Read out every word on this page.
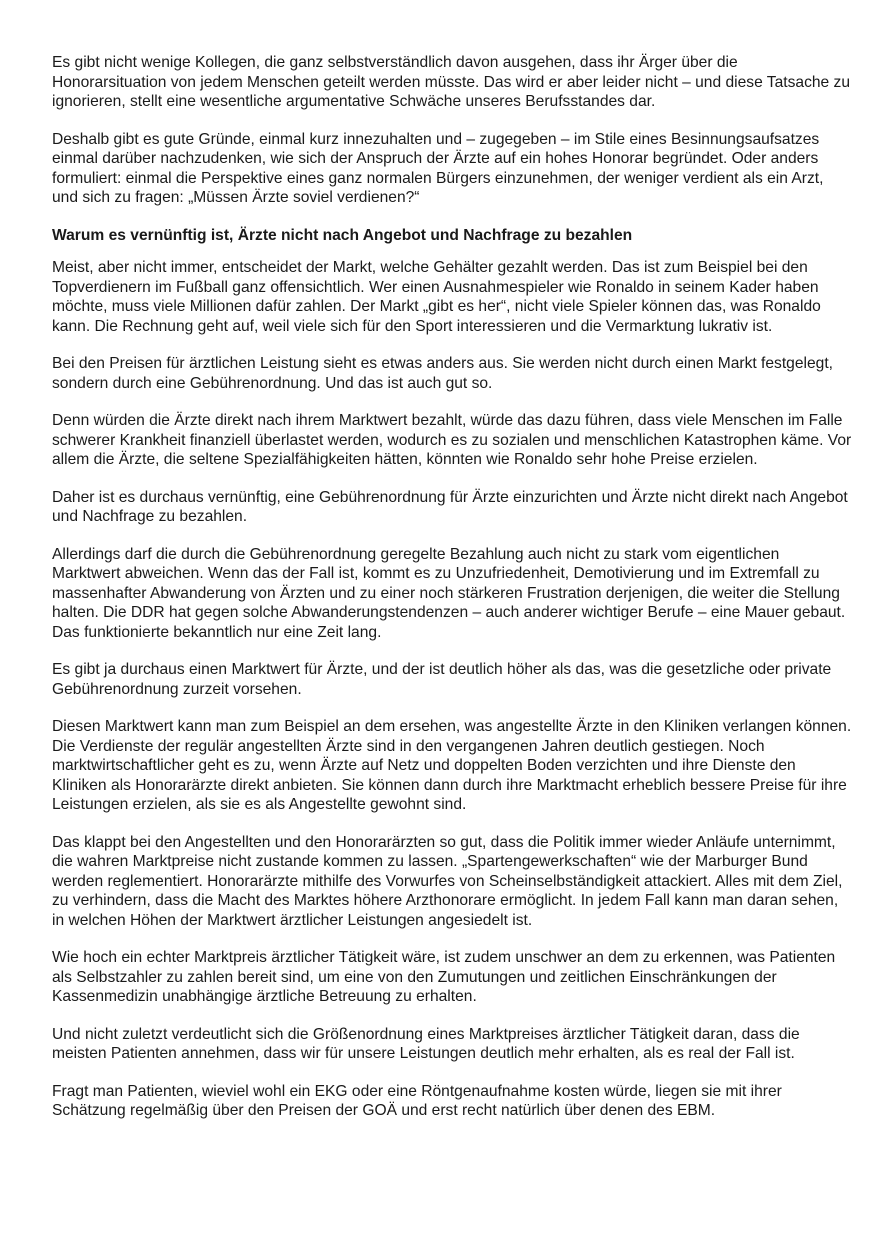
Es gibt nicht wenige Kollegen, die ganz selbstverständlich davon ausgehen, dass ihr Ärger über die Honorarsituation von jedem Menschen geteilt werden müsste. Das wird er aber leider nicht – und diese Tatsache zu ignorieren, stellt eine wesentliche argumentative Schwäche unseres Berufsstandes dar.

Deshalb gibt es gute Gründe, einmal kurz innezuhalten und – zugegeben – im Stile eines Besinnungsaufsatzes einmal darüber nachzudenken, wie sich der Anspruch der Ärzte auf ein hohes Honorar begründet. Oder anders formuliert: einmal die Perspektive eines ganz normalen Bürgers einzunehmen, der weniger verdient als ein Arzt, und sich zu fragen: „Müssen Ärzte soviel verdienen?“

Warum es vernünftig ist, Ärzte nicht nach Angebot und Nachfrage zu bezahlen

Meist, aber nicht immer, entscheidet der Markt, welche Gehälter gezahlt werden. Das ist zum Beispiel bei den Topverdienern im Fußball ganz offensichtlich. Wer einen Ausnahmespieler wie Ronaldo in seinem Kader haben möchte, muss viele Millionen dafür zahlen. Der Markt „gibt es her“, nicht viele Spieler können das, was Ronaldo kann. Die Rechnung geht auf, weil viele sich für den Sport interessieren und die Vermarktung lukrativ ist.

Bei den Preisen für ärztlichen Leistung sieht es etwas anders aus. Sie werden nicht durch einen Markt festgelegt, sondern durch eine Gebührenordnung. Und das ist auch gut so.

Denn würden die Ärzte direkt nach ihrem Marktwert bezahlt, würde das dazu führen, dass viele Menschen im Falle schwerer Krankheit finanziell überlastet werden, wodurch es zu sozialen und menschlichen Katastrophen käme. Vor allem die Ärzte, die seltene Spezialfähigkeiten hätten, könnten wie Ronaldo sehr hohe Preise erzielen.

Daher ist es durchaus vernünftig, eine Gebührenordnung für Ärzte einzurichten und Ärzte nicht direkt nach Angebot und Nachfrage zu bezahlen.

Allerdings darf die durch die Gebührenordnung geregelte Bezahlung auch nicht zu stark vom eigentlichen Marktwert abweichen. Wenn das der Fall ist, kommt es zu Unzufriedenheit, Demotivierung und im Extremfall zu massenhafter Abwanderung von Ärzten und zu einer noch stärkeren Frustration derjenigen, die weiter die Stellung halten. Die DDR hat gegen solche Abwanderungstendenzen – auch anderer wichtiger Berufe – eine Mauer gebaut. Das funktionierte bekanntlich nur eine Zeit lang.

Es gibt ja durchaus einen Marktwert für Ärzte, und der ist deutlich höher als das, was die gesetzliche oder private Gebührenordnung zurzeit vorsehen.

Diesen Marktwert kann man zum Beispiel an dem ersehen, was angestellte Ärzte in den Kliniken verlangen können. Die Verdienste der regulär angestellten Ärzte sind in den vergangenen Jahren deutlich gestiegen. Noch marktwirtschaftlicher geht es zu, wenn Ärzte auf Netz und doppelten Boden verzichten und ihre Dienste den Kliniken als Honorarärzte direkt anbieten. Sie können dann durch ihre Marktmacht erheblich bessere Preise für ihre Leistungen erzielen, als sie es als Angestellte gewohnt sind.

Das klappt bei den Angestellten und den Honorarärzten so gut, dass die Politik immer wieder Anläufe unternimmt, die wahren Marktpreise nicht zustande kommen zu lassen. „Spartengewerkschaften“ wie der Marburger Bund werden reglementiert. Honorarärzte mithilfe des Vorwurfes von Scheinselbständigkeit attackiert. Alles mit dem Ziel, zu verhindern, dass die Macht des Marktes höhere Arzthonorare ermöglicht. In jedem Fall kann man daran sehen, in welchen Höhen der Marktwert ärztlicher Leistungen angesiedelt ist.

Wie hoch ein echter Marktpreis ärztlicher Tätigkeit wäre, ist zudem unschwer an dem zu erkennen, was Patienten als Selbstzahler zu zahlen bereit sind, um eine von den Zumutungen und zeitlichen Einschränkungen der Kassenmedizin unabhängige ärztliche Betreuung zu erhalten.

Und nicht zuletzt verdeutlicht sich die Größenordnung eines Marktpreises ärztlicher Tätigkeit daran, dass die meisten Patienten annehmen, dass wir für unsere Leistungen deutlich mehr erhalten, als es real der Fall ist.

Fragt man Patienten, wieviel wohl ein EKG oder eine Röntgenaufnahme kosten würde, liegen sie mit ihrer Schätzung regelmäßig über den Preisen der GOÄ und erst recht natürlich über denen des EBM.
